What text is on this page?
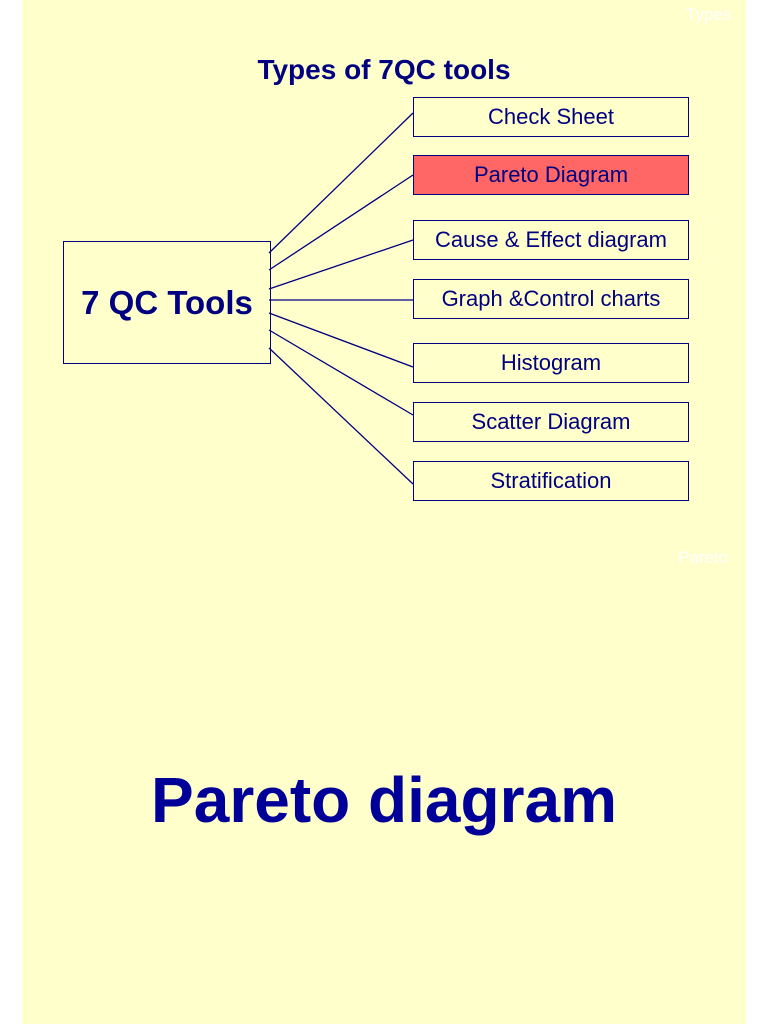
Types
Pareto
Types of 7QC tools
7 QC Tools
Check Sheet
Pareto Diagram
Cause & Effect diagram
Graph &Control charts
Histogram
Scatter Diagram
Stratification
Pareto diagram
